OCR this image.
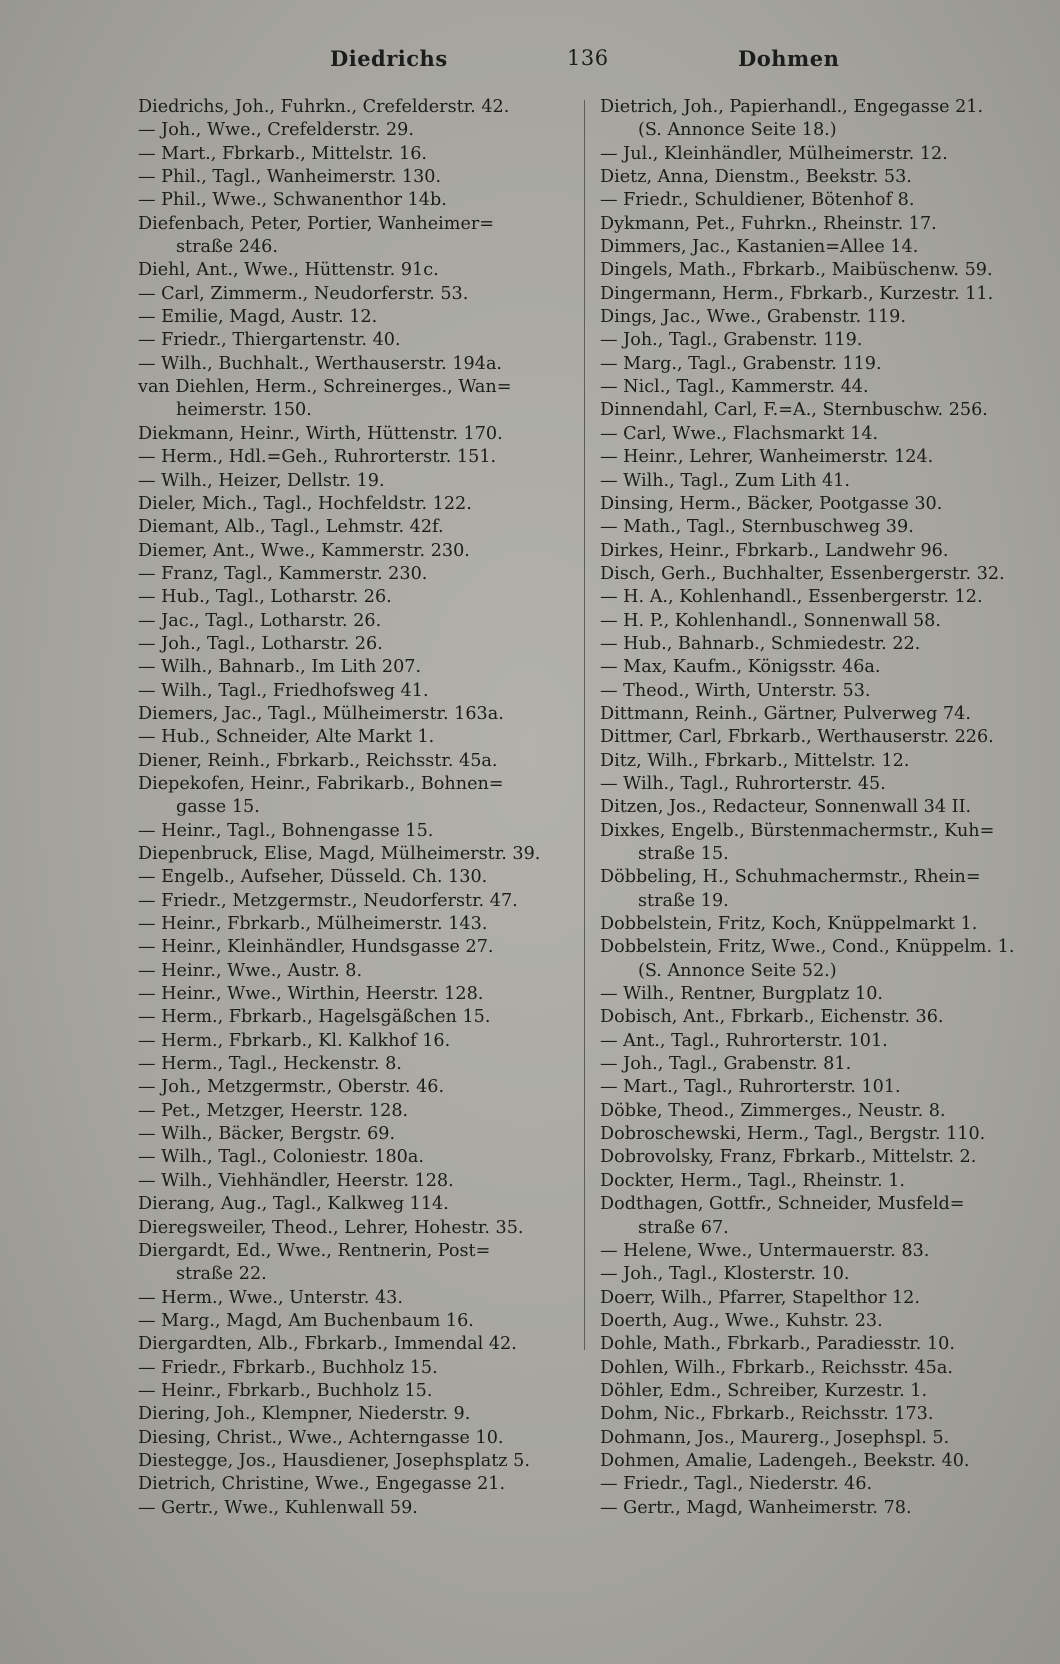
Diedrichs	136	Dohmen
Diedrichs, Joh., Fuhrkn., Crefelderstr. 42.
— Joh., Wwe., Crefelderstr. 29.
— Mart., Fbrkarb., Mittelstr. 16.
— Phil., Tagl., Wanheimerstr. 130.
— Phil., Wwe., Schwanenthor 14b.
Diefenbach, Peter, Portier, Wanheimer=
straße 246.
Diehl, Ant., Wwe., Hüttenstr. 91c.
— Carl, Zimmerm., Neudorferstr. 53.
— Emilie, Magd, Austr. 12.
— Friedr., Thiergartenstr. 40.
— Wilh., Buchhalt., Werthauserstr. 194a.
van Diehlen, Herm., Schreinerges., Wan=
heimerstr. 150.
Diekmann, Heinr., Wirth, Hüttenstr. 170.
— Herm., Hdl.=Geh., Ruhrorterstr. 151.
— Wilh., Heizer, Dellstr. 19.
Dieler, Mich., Tagl., Hochfeldstr. 122.
Diemant, Alb., Tagl., Lehmstr. 42f.
Diemer, Ant., Wwe., Kammerstr. 230.
— Franz, Tagl., Kammerstr. 230.
— Hub., Tagl., Lotharstr. 26.
— Jac., Tagl., Lotharstr. 26.
— Joh., Tagl., Lotharstr. 26.
— Wilh., Bahnarb., Im Lith 207.
— Wilh., Tagl., Friedhofsweg 41.
Diemers, Jac., Tagl., Mülheimerstr. 163a.
— Hub., Schneider, Alte Markt 1.
Diener, Reinh., Fbrkarb., Reichsstr. 45a.
Diepekofen, Heinr., Fabrikarb., Bohnen=
gasse 15.
— Heinr., Tagl., Bohnengasse 15.
Diepenbruck, Elise, Magd, Mülheimerstr. 39.
— Engelb., Aufseher, Düsseld. Ch. 130.
— Friedr., Metzgermstr., Neudorferstr. 47.
— Heinr., Fbrkarb., Mülheimerstr. 143.
— Heinr., Kleinhändler, Hundsgasse 27.
— Heinr., Wwe., Austr. 8.
— Heinr., Wwe., Wirthin, Heerstr. 128.
— Herm., Fbrkarb., Hagelsgäßchen 15.
— Herm., Fbrkarb., Kl. Kalkhof 16.
— Herm., Tagl., Heckenstr. 8.
— Joh., Metzgermstr., Oberstr. 46.
— Pet., Metzger, Heerstr. 128.
— Wilh., Bäcker, Bergstr. 69.
— Wilh., Tagl., Coloniestr. 180a.
— Wilh., Viehhändler, Heerstr. 128.
Dierang, Aug., Tagl., Kalkweg 114.
Dieregsweiler, Theod., Lehrer, Hohestr. 35.
Diergardt, Ed., Wwe., Rentnerin, Post=
straße 22.
— Herm., Wwe., Unterstr. 43.
— Marg., Magd, Am Buchenbaum 16.
Diergardten, Alb., Fbrkarb., Immendal 42.
— Friedr., Fbrkarb., Buchholz 15.
— Heinr., Fbrkarb., Buchholz 15.
Diering, Joh., Klempner, Niederstr. 9.
Diesing, Christ., Wwe., Achterngasse 10.
Diestegge, Jos., Hausdiener, Josephsplatz 5.
Dietrich, Christine, Wwe., Engegasse 21.
— Gertr., Wwe., Kuhlenwall 59.
Dietrich, Joh., Papierhandl., Engegasse 21.
(S. Annonce Seite 18.)
— Jul., Kleinhändler, Mülheimerstr. 12.
Dietz, Anna, Dienstm., Beekstr. 53.
— Friedr., Schuldiener, Bötenhof 8.
Dykmann, Pet., Fuhrkn., Rheinstr. 17.
Dimmers, Jac., Kastanien=Allee 14.
Dingels, Math., Fbrkarb., Maibüschenw. 59.
Dingermann, Herm., Fbrkarb., Kurzestr. 11.
Dings, Jac., Wwe., Grabenstr. 119.
— Joh., Tagl., Grabenstr. 119.
— Marg., Tagl., Grabenstr. 119.
— Nicl., Tagl., Kammerstr. 44.
Dinnendahl, Carl, F.=A., Sternbuschw. 256.
— Carl, Wwe., Flachsmarkt 14.
— Heinr., Lehrer, Wanheimerstr. 124.
— Wilh., Tagl., Zum Lith 41.
Dinsing, Herm., Bäcker, Pootgasse 30.
— Math., Tagl., Sternbuschweg 39.
Dirkes, Heinr., Fbrkarb., Landwehr 96.
Disch, Gerh., Buchhalter, Essenbergerstr. 32.
— H. A., Kohlenhandl., Essenbergerstr. 12.
— H. P., Kohlenhandl., Sonnenwall 58.
— Hub., Bahnarb., Schmiedestr. 22.
— Max, Kaufm., Königsstr. 46a.
— Theod., Wirth, Unterstr. 53.
Dittmann, Reinh., Gärtner, Pulverweg 74.
Dittmer, Carl, Fbrkarb., Werthauserstr. 226.
Ditz, Wilh., Fbrkarb., Mittelstr. 12.
— Wilh., Tagl., Ruhrorterstr. 45.
Ditzen, Jos., Redacteur, Sonnenwall 34 II.
Dixkes, Engelb., Bürstenmachermstr., Kuh=
straße 15.
Döbbeling, H., Schuhmachermstr., Rhein=
straße 19.
Dobbelstein, Fritz, Koch, Knüppelmarkt 1.
Dobbelstein, Fritz, Wwe., Cond., Knüppelm. 1.
(S. Annonce Seite 52.)
— Wilh., Rentner, Burgplatz 10.
Dobisch, Ant., Fbrkarb., Eichenstr. 36.
— Ant., Tagl., Ruhrorterstr. 101.
— Joh., Tagl., Grabenstr. 81.
— Mart., Tagl., Ruhrorterstr. 101.
Döbke, Theod., Zimmerges., Neustr. 8.
Dobroschewski, Herm., Tagl., Bergstr. 110.
Dobrovolsky, Franz, Fbrkarb., Mittelstr. 2.
Dockter, Herm., Tagl., Rheinstr. 1.
Dodthagen, Gottfr., Schneider, Musfeld=
straße 67.
— Helene, Wwe., Untermauerstr. 83.
— Joh., Tagl., Klosterstr. 10.
Doerr, Wilh., Pfarrer, Stapelthor 12.
Doerth, Aug., Wwe., Kuhstr. 23.
Dohle, Math., Fbrkarb., Paradiesstr. 10.
Dohlen, Wilh., Fbrkarb., Reichsstr. 45a.
Döhler, Edm., Schreiber, Kurzestr. 1.
Dohm, Nic., Fbrkarb., Reichsstr. 173.
Dohmann, Jos., Maurerg., Josephspl. 5.
Dohmen, Amalie, Ladengeh., Beekstr. 40.
— Friedr., Tagl., Niederstr. 46.
— Gertr., Magd, Wanheimerstr. 78.
